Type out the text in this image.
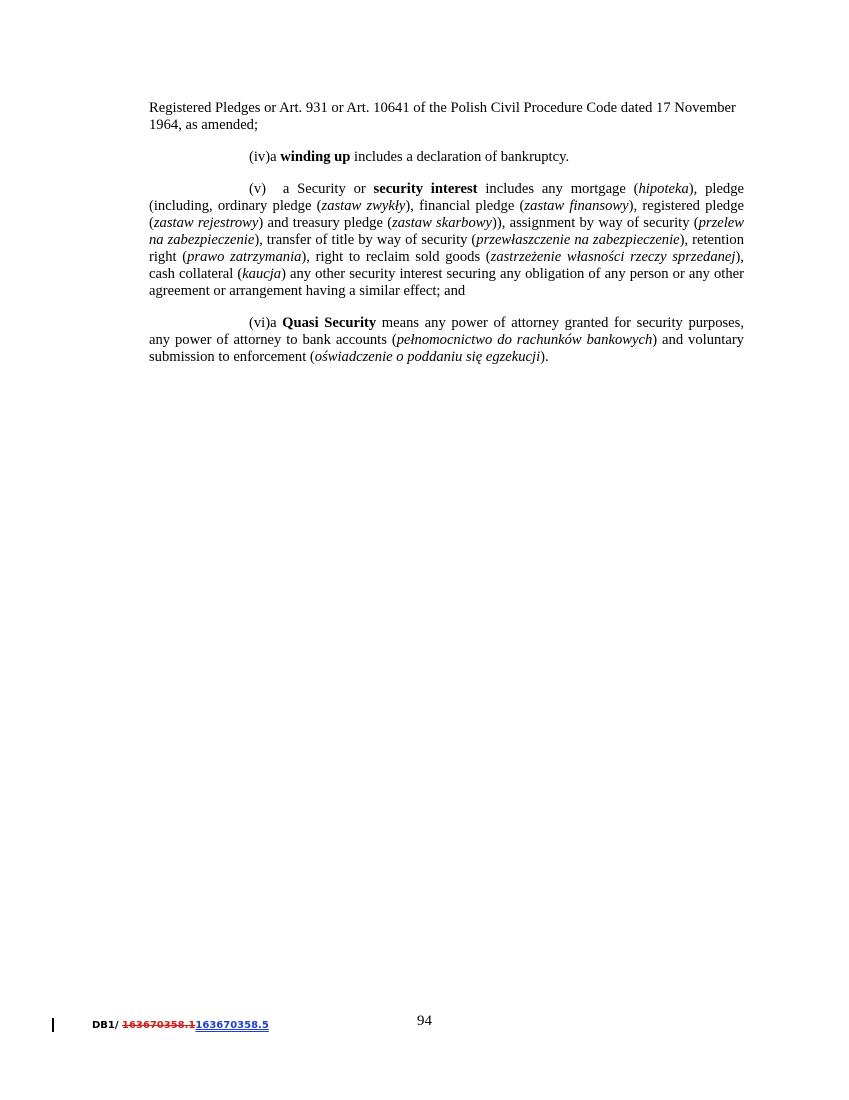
Registered Pledges or Art. 931 or Art. 10641 of the Polish Civil Procedure Code dated 17 November 1964, as amended;

(iv)a winding up includes a declaration of bankruptcy.

(v) a Security or security interest includes any mortgage (hipoteka), pledge (including, ordinary pledge (zastaw zwykły), financial pledge (zastaw finansowy), registered pledge (zastaw rejestrowy) and treasury pledge (zastaw skarbowy)), assignment by way of security (przelew na zabezpieczenie), transfer of title by way of security (przewłaszczenie na zabezpieczenie), retention right (prawo zatrzymania), right to reclaim sold goods (zastrzeżenie własności rzeczy sprzedanej), cash collateral (kaucja) any other security interest securing any obligation of any person or any other agreement or arrangement having a similar effect; and

(vi)a Quasi Security means any power of attorney granted for security purposes, any power of attorney to bank accounts (pełnomocnictwo do rachunków bankowych) and voluntary submission to enforcement (oświadczenie o poddaniu się egzekucji).

94
DB1/ 163670358.1163670358.5
